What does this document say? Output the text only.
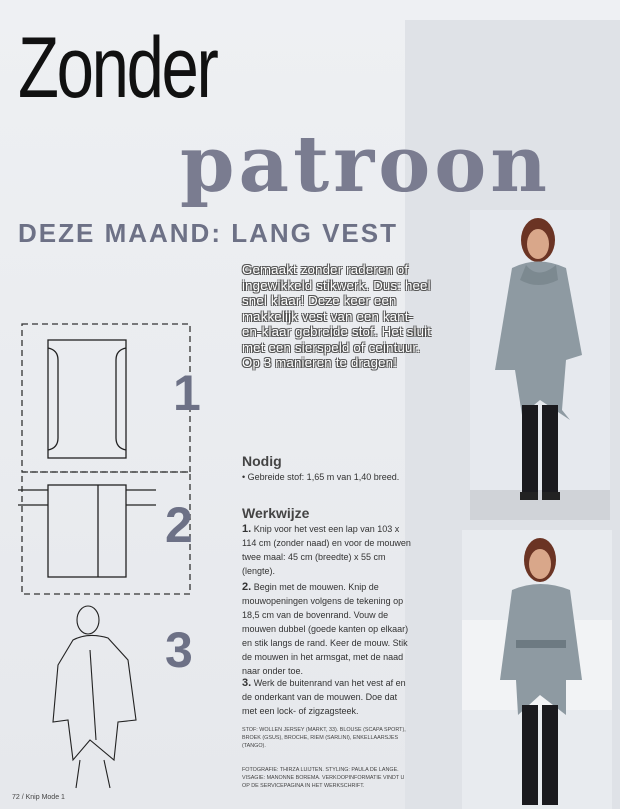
Zonder
patroon
DEZE MAAND: LANG VEST
Gemaakt zonder raderen of ingewikkeld stikwerk. Dus: heel snel klaar! Deze keer een makkelijk vest van een kant-en-klaar gebreide stof. Het sluit met een sierspeld of ceintuur. Op 3 manieren te dragen!
1
2
3
Nodig
• Gebreide stof: 1,65 m van 1,40 breed.
Werkwijze
1. Knip voor het vest een lap van 103 x 114 cm (zonder naad) en voor de mouwen twee maal: 45 cm (breedte) x 55 cm (lengte).
2. Begin met de mouwen. Knip de mouwopeningen volgens de tekening op 18,5 cm van de bovenrand. Vouw de mouwen dubbel (goede kanten op elkaar) en stik langs de rand. Keer de mouw. Stik de mouwen in het armsgat, met de naad naar onder toe.
3. Werk de buitenrand van het vest af en de onderkant van de mouwen. Doe dat met een lock- of zigzagsteek.
STOF: WOLLEN JERSEY (MARKT, 33). BLOUSE (SCAPA SPORT), BROEK (GSUS), BROCHE, RIEM (SARLINI), ENKELLAARSJES (TANGO).
FOTOGRAFIE: THIRZA LUIJTEN. STYLING: PAULA DE LANGE. VISAGIE: MANONNE BOREMA. VERKOOPINFORMATIE VINDT U OP DE SERVICEPAGINA IN HET WERKSCHRIFT.
72 / Knip Mode 1
